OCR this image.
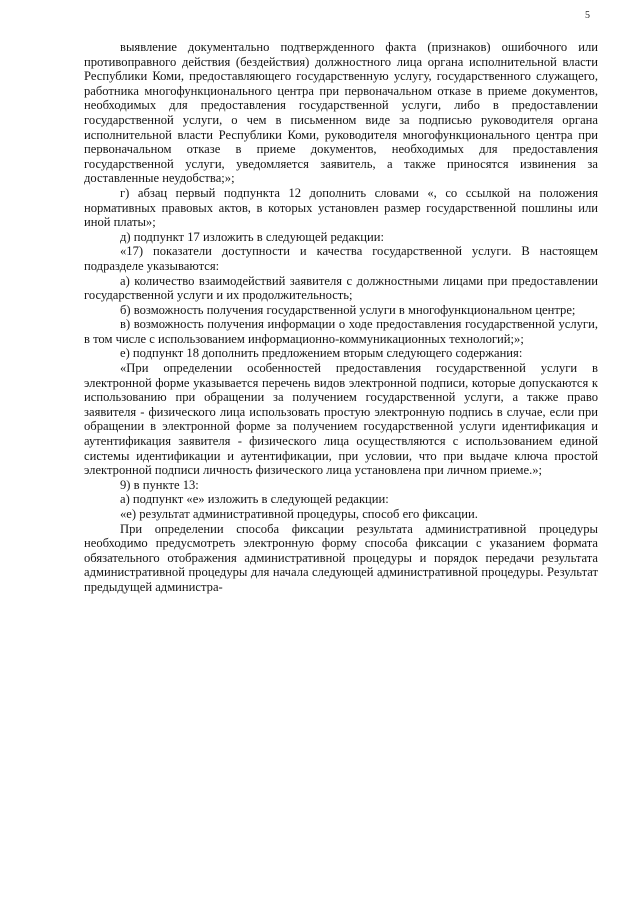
5

выявление документально подтвержденного факта (признаков) ошибочного или противоправного действия (бездействия) должностного лица органа исполнительной власти Республики Коми, предоставляющего государственную услугу, государственного служащего, работника многофункционального центра при первоначальном отказе в приеме документов, необходимых для предоставления государственной услуги, либо в предоставлении государственной услуги, о чем в письменном виде за подписью руководителя органа исполнительной власти Республики Коми, руководителя многофункционального центра при первоначальном отказе в приеме документов, необходимых для предоставления государственной услуги, уведомляется заявитель, а также приносятся извинения за доставленные неудобства;»;

г) абзац первый подпункта 12 дополнить словами «, со ссылкой на положения нормативных правовых актов, в которых установлен размер государственной пошлины или иной платы»;

д) подпункт 17 изложить в следующей редакции:

«17) показатели доступности и качества государственной услуги. В настоящем подразделе указываются:

а) количество взаимодействий заявителя с должностными лицами при предоставлении государственной услуги и их продолжительность;

б) возможность получения государственной услуги в многофункциональном центре;

в) возможность получения информации о ходе предоставления государственной услуги, в том числе с использованием информационно-коммуникационных технологий;»;

е) подпункт 18 дополнить предложением вторым следующего содержания:

«При определении особенностей предоставления государственной услуги в электронной форме указывается перечень видов электронной подписи, которые допускаются к использованию при обращении за получением государственной услуги, а также право заявителя - физического лица использовать простую электронную подпись в случае, если при обращении в электронной форме за получением государственной услуги идентификация и аутентификация заявителя - физического лица осуществляются с использованием единой системы идентификации и аутентификации, при условии, что при выдаче ключа простой электронной подписи личность физического лица установлена при личном приеме.»;

9) в пункте 13:

а) подпункт «е» изложить в следующей редакции:

«е) результат административной процедуры, способ его фиксации.

При определении способа фиксации результата административной процедуры необходимо предусмотреть электронную форму способа фиксации с указанием формата обязательного отображения административной процедуры и порядок передачи результата административной процедуры для начала следующей административной процедуры. Результат предыдущей администра-
